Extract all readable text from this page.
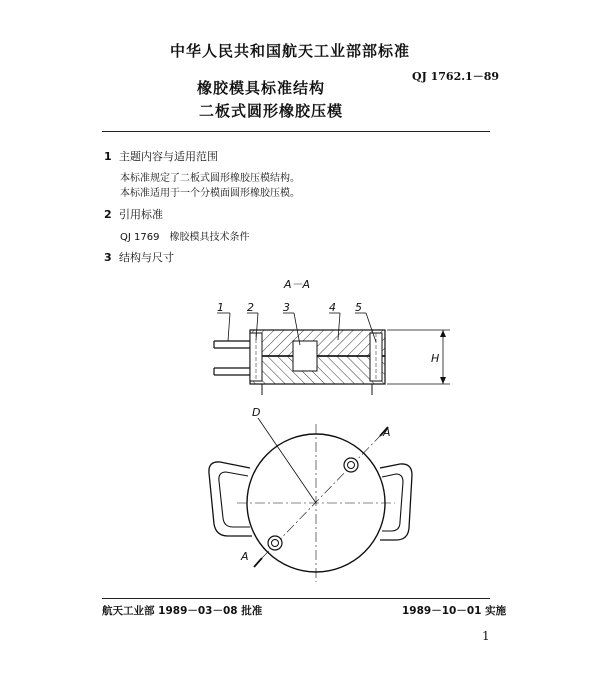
中华人民共和国航天工业部部标准
QJ 1762.1－89
橡胶模具标准结构
二板式圆形橡胶压模
1 主题内容与适用范围
本标准规定了二板式圆形橡胶压模结构。
本标准适用于一个分模面圆形橡胶压模。
2 引用标准
QJ 1769　橡胶模具技术条件
3 结构与尺寸
A－A
H
1 2	3	4 5
D
A
A
航天工业部 1989－03－08 批准	1989－10－01 实施
1
